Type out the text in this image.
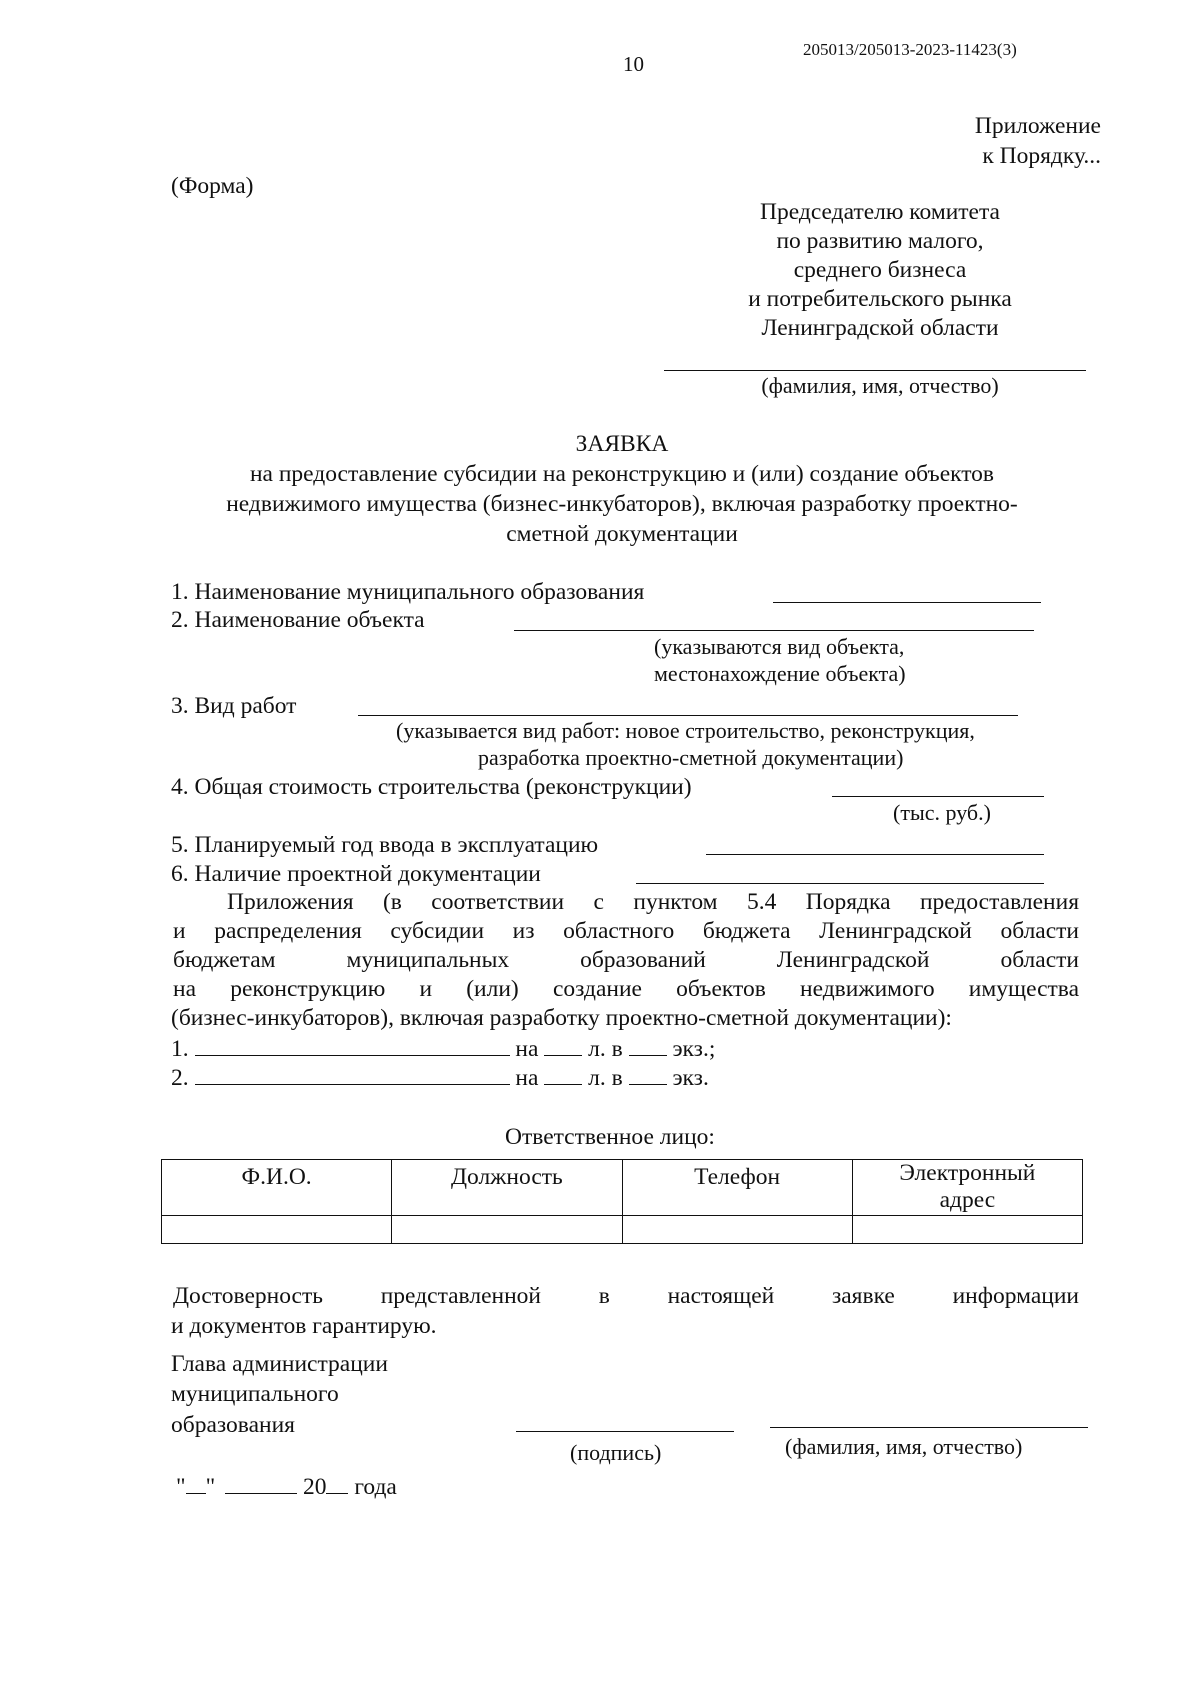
205013/205013-2023-11423(3)
10
Приложение
к Порядку...
(Форма)
Председателю комитета
по развитию малого,
среднего бизнеса
и потребительского рынка
Ленинградской области
(фамилия, имя, отчество)
ЗАЯВКА
на предоставление субсидии на реконструкцию и (или) создание объектов
недвижимого имущества (бизнес-инкубаторов), включая разработку проектно-
сметной документации
1. Наименование муниципального образования
2. Наименование объекта
(указываются вид объекта,
местонахождение объекта)
3. Вид работ
(указывается вид работ: новое строительство, реконструкция,
разработка проектно-сметной документации)
4. Общая стоимость строительства (реконструкции)
(тыс. руб.)
5. Планируемый год ввода в эксплуатацию
6. Наличие проектной документации
Приложения (в соответствии с пунктом 5.4 Порядка предоставления
и распределения субсидии из областного бюджета Ленинградской области
бюджетам муниципальных образований Ленинградской области
на реконструкцию и (или) создание объектов недвижимого имущества
(бизнес-инкубаторов), включая разработку проектно-сметной документации):
1.	на л. в экз.;
2.	на л. в экз.
Ответственное лицо:
Ф.И.О.	Должность	Телефон	Электронный адрес

Достоверность представленной в настоящей заявке информации
и документов гарантирую.
Глава администрации
муниципального
образования
(подпись)	(фамилия, имя, отчество)
" "	20 года
